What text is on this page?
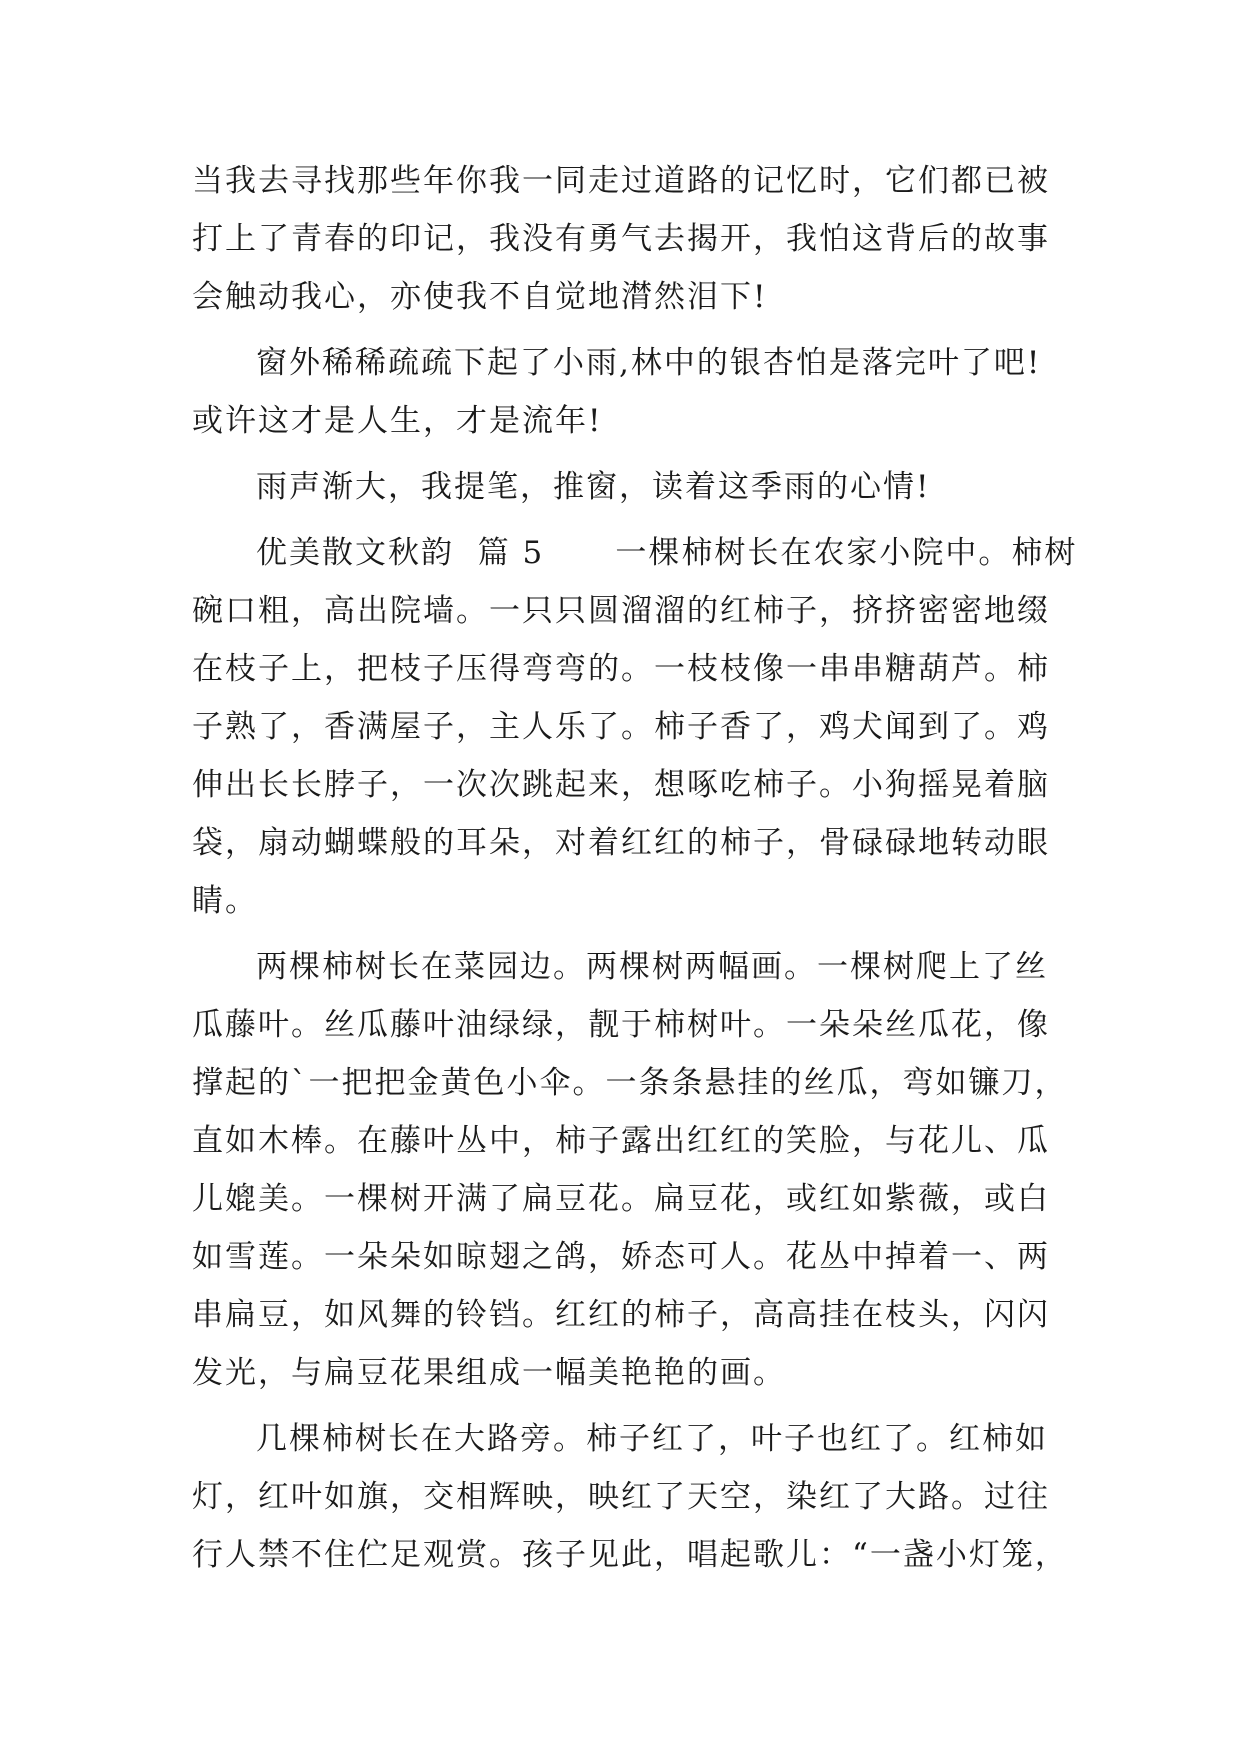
当我去寻找那些年你我一同走过道路的记忆时，它们都已被
打上了青春的印记，我没有勇气去揭开，我怕这背后的故事
会触动我心，亦使我不自觉地潸然泪下!
窗外稀稀疏疏下起了小雨,林中的银杏怕是落完叶了吧!
或许这才是人生，才是流年!
雨声渐大，我提笔，推窗，读着这季雨的心情!
优美散文秋韵  篇 5      一棵柿树长在农家小院中。柿树
碗口粗，高出院墙。一只只圆溜溜的红柿子，挤挤密密地缀
在枝子上，把枝子压得弯弯的。一枝枝像一串串糖葫芦。柿
子熟了，香满屋子，主人乐了。柿子香了，鸡犬闻到了。鸡
伸出长长脖子，一次次跳起来，想啄吃柿子。小狗摇晃着脑
袋，扇动蝴蝶般的耳朵，对着红红的柿子，骨碌碌地转动眼
睛。
两棵柿树长在菜园边。两棵树两幅画。一棵树爬上了丝
瓜藤叶。丝瓜藤叶油绿绿，靓于柿树叶。一朵朵丝瓜花，像
撑起的`一把把金黄色小伞。一条条悬挂的丝瓜，弯如镰刀，
直如木棒。在藤叶丛中，柿子露出红红的笑脸，与花儿、瓜
儿媲美。一棵树开满了扁豆花。扁豆花，或红如紫薇，或白
如雪莲。一朵朵如晾翅之鸽，娇态可人。花丛中掉着一、两
串扁豆，如风舞的铃铛。红红的柿子，高高挂在枝头，闪闪
发光，与扁豆花果组成一幅美艳艳的画。
几棵柿树长在大路旁。柿子红了，叶子也红了。红柿如
灯，红叶如旗，交相辉映，映红了天空，染红了大路。过往
行人禁不住伫足观赏。孩子见此，唱起歌儿：“一盏小灯笼，
